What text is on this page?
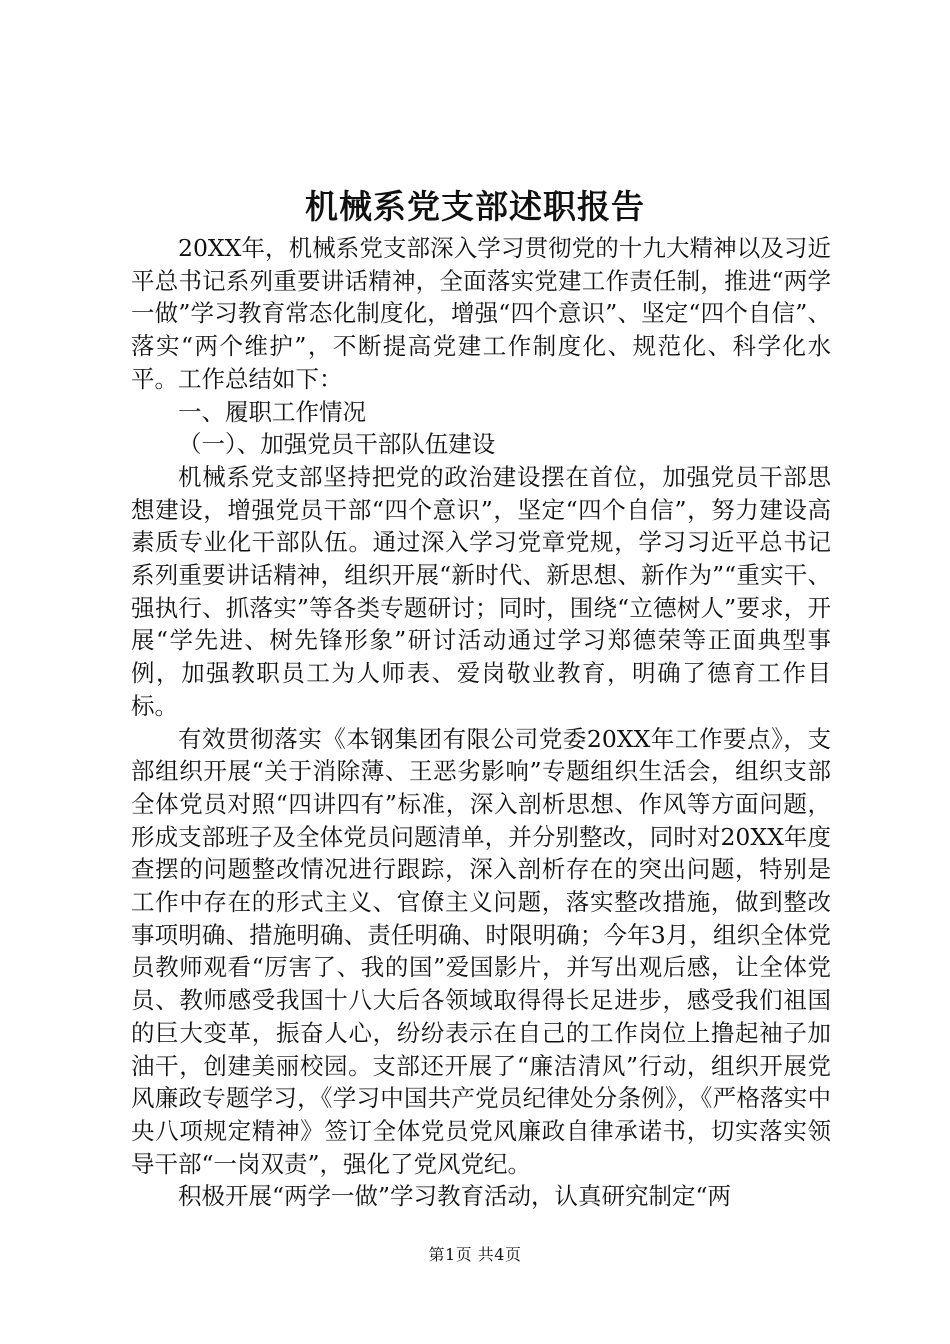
机械系党支部述职报告

20XX年，机械系党支部深入学习贯彻党的十九大精神以及习近平总书记系列重要讲话精神，全面落实党建工作责任制，推进“两学一做”学习教育常态化制度化，增强“四个意识”、坚定“四个自信”、落实“两个维护”，不断提高党建工作制度化、规范化、科学化水平。工作总结如下：

一、履职工作情况

（一）、加强党员干部队伍建设

机械系党支部坚持把党的政治建设摆在首位，加强党员干部思想建设，增强党员干部“四个意识”，坚定“四个自信”，努力建设高素质专业化干部队伍。通过深入学习党章党规，学习习近平总书记系列重要讲话精神，组织开展“新时代、新思想、新作为”“重实干、强执行、抓落实”等各类专题研讨；同时，围绕“立德树人”要求，开展“学先进、树先锋形象”研讨活动通过学习郑德荣等正面典型事例，加强教职员工为人师表、爱岗敬业教育，明确了德育工作目标。

有效贯彻落实《本钢集团有限公司党委20XX年工作要点》，支部组织开展“关于消除薄、王恶劣影响”专题组织生活会，组织支部全体党员对照“四讲四有”标准，深入剖析思想、作风等方面问题，形成支部班子及全体党员问题清单，并分别整改，同时对20XX年度查摆的问题整改情况进行跟踪，深入剖析存在的突出问题，特别是工作中存在的形式主义、官僚主义问题，落实整改措施，做到整改事项明确、措施明确、责任明确、时限明确；今年3月，组织全体党员教师观看“厉害了、我的国”爱国影片，并写出观后感，让全体党员、教师感受我国十八大后各领域取得得长足进步，感受我们祖国的巨大变革，振奋人心，纷纷表示在自己的工作岗位上撸起袖子加油干，创建美丽校园。支部还开展了“廉洁清风”行动，组织开展党风廉政专题学习，《学习中国共产党员纪律处分条例》，《严格落实中央八项规定精神》签订全体党员党风廉政自律承诺书，切实落实领导干部“一岗双责”，强化了党风党纪。

积极开展“两学一做”学习教育活动，认真研究制定“两

第1页 共4页
